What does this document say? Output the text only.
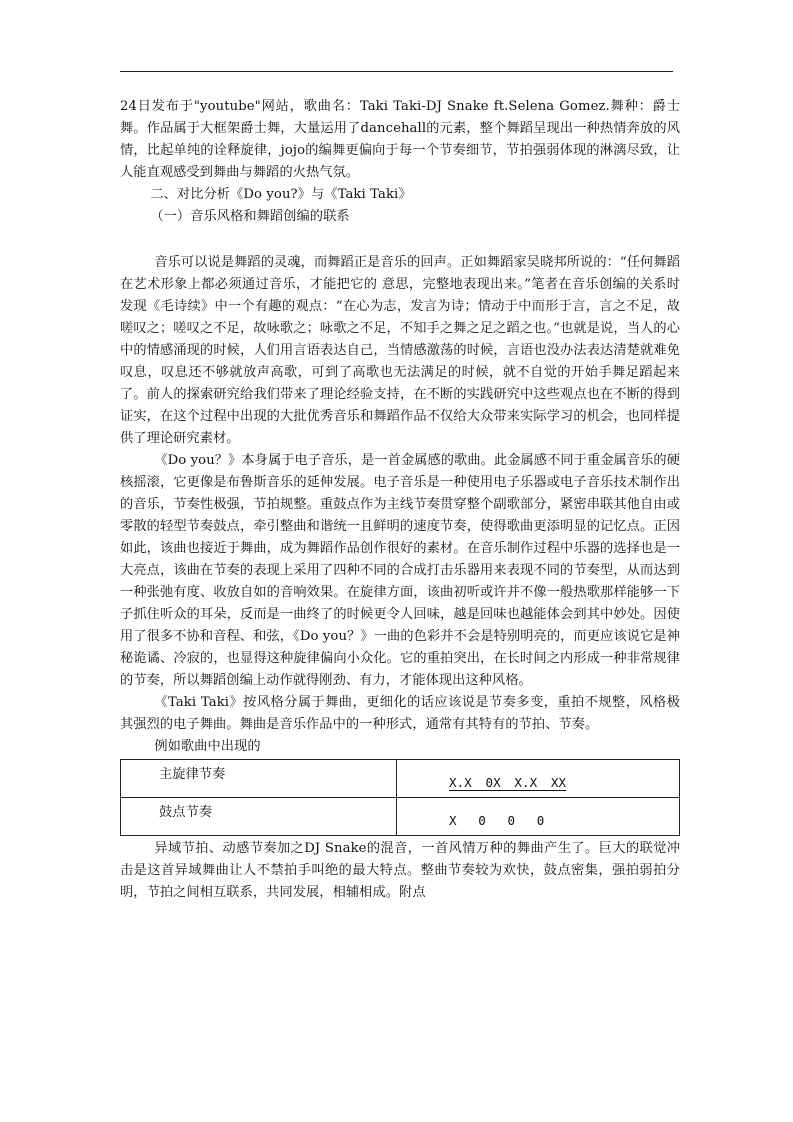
24日发布于"youtube"网站，歌曲名：Taki Taki-DJ Snake ft.Selena Gomez.舞种：爵士舞。作品属于大框架爵士舞，大量运用了dancehall的元素，整个舞蹈呈现出一种热情奔放的风情，比起单纯的诠释旋律，jojo的编舞更偏向于每一个节奏细节，节拍强弱体现的淋漓尽致，让人能直观感受到舞曲与舞蹈的火热气氛。

二、对比分析《Do you?》与《Taki Taki》

（一）音乐风格和舞蹈创编的联系

音乐可以说是舞蹈的灵魂，而舞蹈正是音乐的回声。正如舞蹈家吴晓邦所说的：“任何舞蹈在艺术形象上都必须通过音乐，才能把它的 意思，完整地表现出来。”笔者在音乐创编的关系时发现《毛诗续》中一个有趣的观点：“在心为志，发言为诗；情动于中而形于言，言之不足，故嗟叹之；嗟叹之不足，故咏歌之；咏歌之不足，不知手之舞之足之蹈之也。”也就是说，当人的心中的情感涌现的时候，人们用言语表达自己，当情感激荡的时候，言语也没办法表达清楚就难免叹息，叹息还不够就放声高歌，可到了高歌也无法满足的时候，就不自觉的开始手舞足蹈起来了。前人的探索研究给我们带来了理论经验支持，在不断的实践研究中这些观点也在不断的得到证实，在这个过程中出现的大批优秀音乐和舞蹈作品不仅给大众带来实际学习的机会，也同样提供了理论研究素材。

《Do you？》本身属于电子音乐，是一首金属感的歌曲。此金属感不同于重金属音乐的硬核摇滚，它更像是布鲁斯音乐的延伸发展。电子音乐是一种使用电子乐器或电子音乐技术制作出的音乐，节奏性极强，节拍规整。重鼓点作为主线节奏贯穿整个副歌部分，紧密串联其他自由或零散的轻型节奏鼓点，牵引整曲和谐统一且鲜明的速度节奏，使得歌曲更添明显的记忆点。正因如此，该曲也接近于舞曲，成为舞蹈作品创作很好的素材。在音乐制作过程中乐器的选择也是一大亮点，该曲在节奏的表现上采用了四种不同的合成打击乐器用来表现不同的节奏型，从而达到一种张弛有度、收放自如的音响效果。在旋律方面，该曲初听或许并不像一般热歌那样能够一下子抓住听众的耳朵，反而是一曲终了的时候更令人回味，越是回味也越能体会到其中妙处。因使用了很多不协和音程、和弦，《Do you？》一曲的色彩并不会是特别明亮的，而更应该说它是神秘诡谲、冷寂的，也显得这种旋律偏向小众化。它的重拍突出，在长时间之内形成一种非常规律的节奏，所以舞蹈创编上动作就得刚劲、有力，才能体现出这种风格。

《Taki Taki》按风格分属于舞曲，更细化的话应该说是节奏多变，重拍不规整，风格极其强烈的电子舞曲。舞曲是音乐作品中的一种形式，通常有其特有的节拍、节奏。

例如歌曲中出现的

主旋律节奏	X.X 0X X.X XX
鼓点节奏	X 0 0 0

异域节拍、动感节奏加之DJ Snake的混音，一首风情万种的舞曲产生了。巨大的联觉冲击是这首异域舞曲让人不禁拍手叫绝的最大特点。整曲节奏较为欢快，鼓点密集，强拍弱拍分明，节拍之间相互联系，共同发展，相辅相成。附点
